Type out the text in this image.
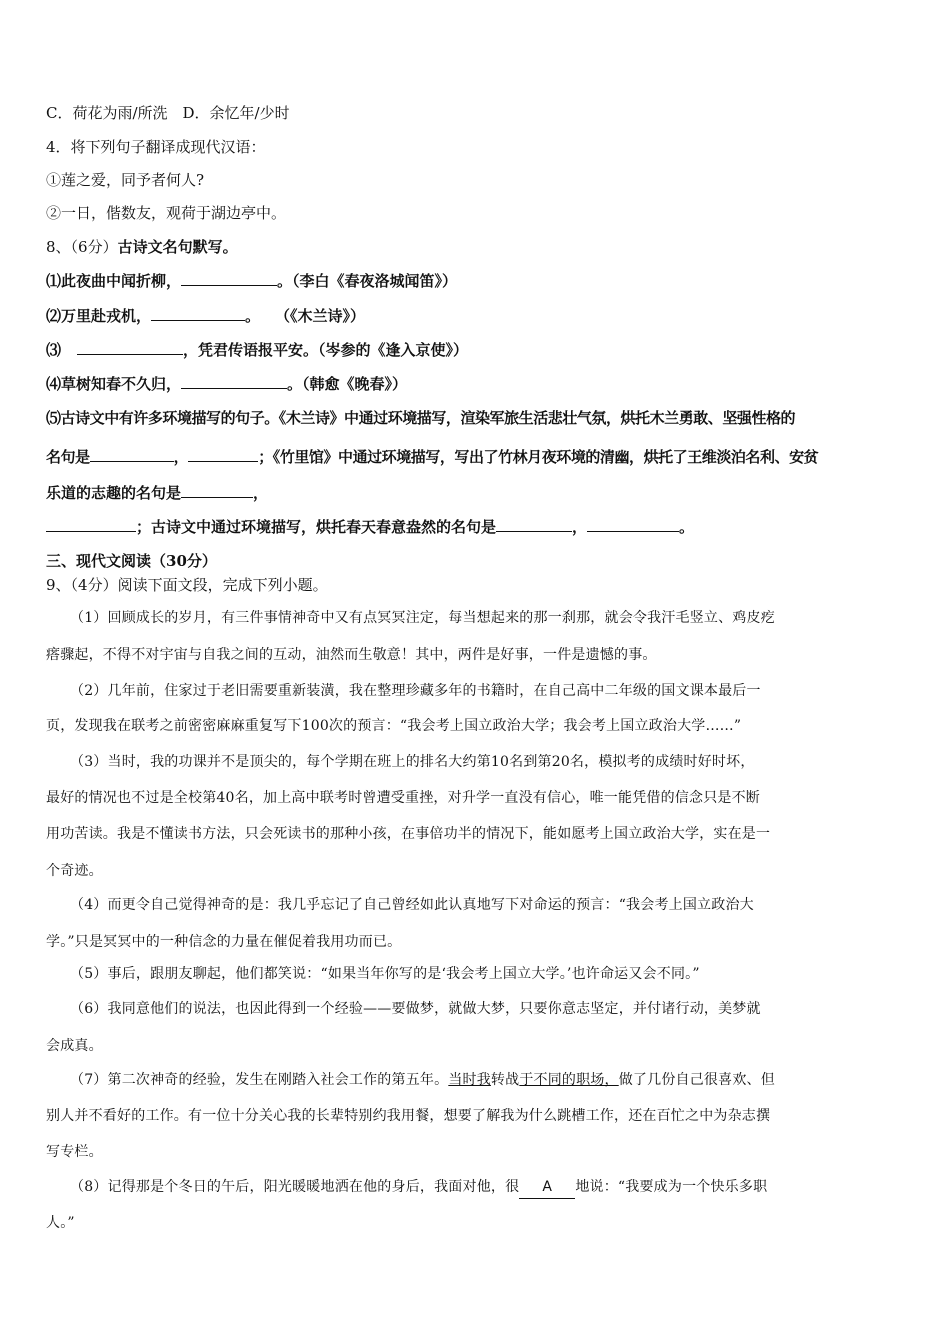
C．荷花为雨/所洗　D．余忆年/少时
4．将下列句子翻译成现代汉语：
①莲之爱，同予者何人?
②一日，偕数友，观荷于湖边亭中。
8、（6分）古诗文名句默写。
⑴此夜曲中闻折柳，	。（李白《春夜洛城闻笛》）
⑵万里赴戎机，	。　　（《木兰诗》）
⑶	，凭君传语报平安。（岑参的《逢入京使》）
⑷草树知春不久归，	。（韩愈《晚春》）
⑸古诗文中有许多环境描写的句子。《木兰诗》中通过环境描写，渲染军旅生活悲壮气氛，烘托木兰勇敢、坚强性格的
名句是	，	；《竹里馆》中通过环境描写，写出了竹林月夜环境的清幽，烘托了王维淡泊名利、安贫
乐道的志趣的名句是	，
；古诗文中通过环境描写，烘托春天春意盎然的名句是	，	。
三、现代文阅读（30分）
9、（4分）阅读下面文段，完成下列小题。
（1）回顾成长的岁月，有三件事情神奇中又有点冥冥注定，每当想起来的那一刹那，就会令我汗毛竖立、鸡皮疙
瘩骤起，不得不对宇宙与自我之间的互动，油然而生敬意！其中，两件是好事，一件是遗憾的事。
（2）几年前，住家过于老旧需要重新装潢，我在整理珍藏多年的书籍时，在自己高中二年级的国文课本最后一
页，发现我在联考之前密密麻麻重复写下100次的预言：“我会考上国立政治大学；我会考上国立政治大学……”
（3）当时，我的功课并不是顶尖的，每个学期在班上的排名大约第10名到第20名，模拟考的成绩时好时坏，
最好的情况也不过是全校第40名，加上高中联考时曾遭受重挫，对升学一直没有信心，唯一能凭借的信念只是不断
用功苦读。我是不懂读书方法，只会死读书的那种小孩，在事倍功半的情况下，能如愿考上国立政治大学，实在是一
个奇迹。
（4）而更令自己觉得神奇的是：我几乎忘记了自己曾经如此认真地写下对命运的预言：“我会考上国立政治大
学。”只是冥冥中的一种信念的力量在催促着我用功而已。
（5）事后，跟朋友聊起，他们都笑说：“如果当年你写的是‘我会考上国立大学。’也许命运又会不同。”
（6）我同意他们的说法，也因此得到一个经验——要做梦，就做大梦，只要你意志坚定，并付诸行动，美梦就
会成真。
（7）第二次神奇的经验，发生在刚踏入社会工作的第五年。当时我转战于不同的职场，做了几份自己很喜欢、但
别人并不看好的工作。有一位十分关心我的长辈特别约我用餐，想要了解我为什么跳槽工作，还在百忙之中为杂志撰
写专栏。
（8）记得那是个冬日的午后，阳光暖暖地洒在他的身后，我面对他，很 A 地说：“我要成为一个快乐多职
人。”
